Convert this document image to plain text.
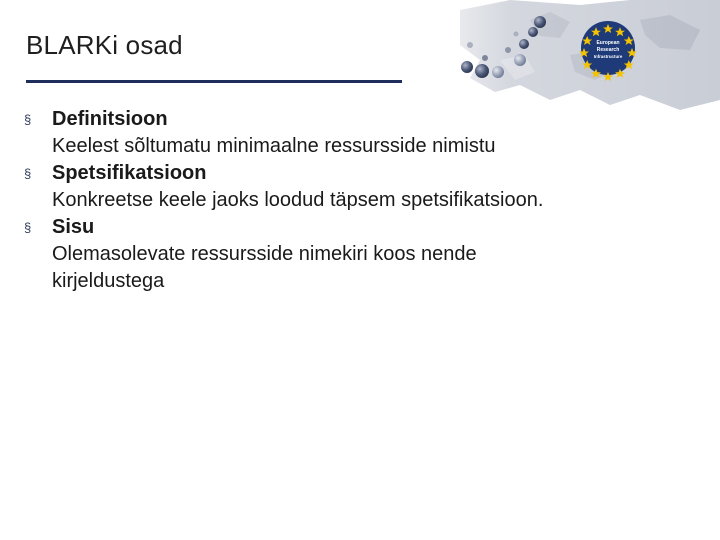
European
Research
Infrastructure
BLARKi osad
§	Definitsioon
Keelest sõltumatu minimaalne ressursside nimistu
§	Spetsifikatsioon
Konkreetse keele jaoks loodud täpsem spetsifikatsioon.
§	Sisu
Olemasolevate ressursside nimekiri koos nende kirjeldustega
